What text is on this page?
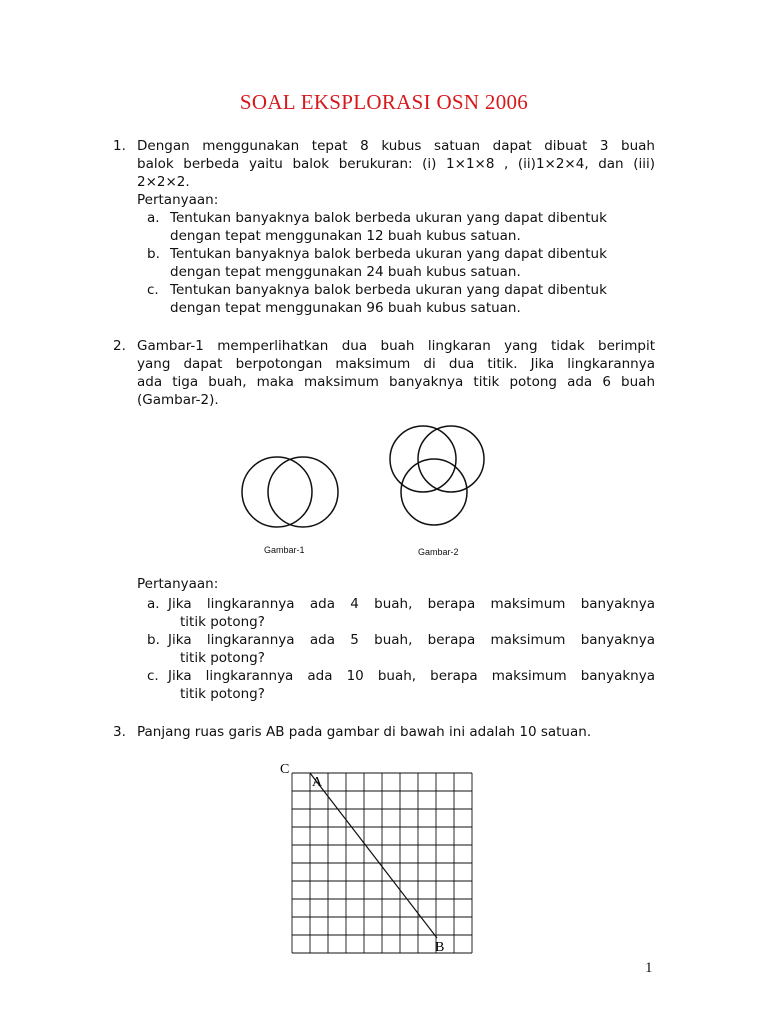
SOAL EKSPLORASI OSN 2006
1. Dengan menggunakan tepat 8 kubus satuan dapat dibuat 3 buah
balok berbeda yaitu balok berukuran: (i) 1×1×8 , (ii)1×2×4, dan (iii)
2×2×2.
Pertanyaan:
a. Tentukan banyaknya balok berbeda ukuran yang dapat dibentuk
dengan tepat menggunakan 12 buah kubus satuan.
b. Tentukan banyaknya balok berbeda ukuran yang dapat dibentuk
dengan tepat menggunakan 24 buah kubus satuan.
c. Tentukan banyaknya balok berbeda ukuran yang dapat dibentuk
dengan tepat menggunakan 96 buah kubus satuan.
2. Gambar-1 memperlihatkan dua buah lingkaran yang tidak berimpit
yang dapat berpotongan maksimum di dua titik. Jika lingkarannya
ada tiga buah, maka maksimum banyaknya titik potong ada 6 buah
(Gambar-2).
Gambar-1	Gambar-2
Pertanyaan:
a. Jika lingkarannya ada 4 buah, berapa maksimum banyaknya
titik potong?
b. Jika lingkarannya ada 5 buah, berapa maksimum banyaknya
titik potong?
c. Jika lingkarannya ada 10 buah, berapa maksimum banyaknya
titik potong?
3. Panjang ruas garis AB pada gambar di bawah ini adalah 10 satuan.
C
A
B
1
